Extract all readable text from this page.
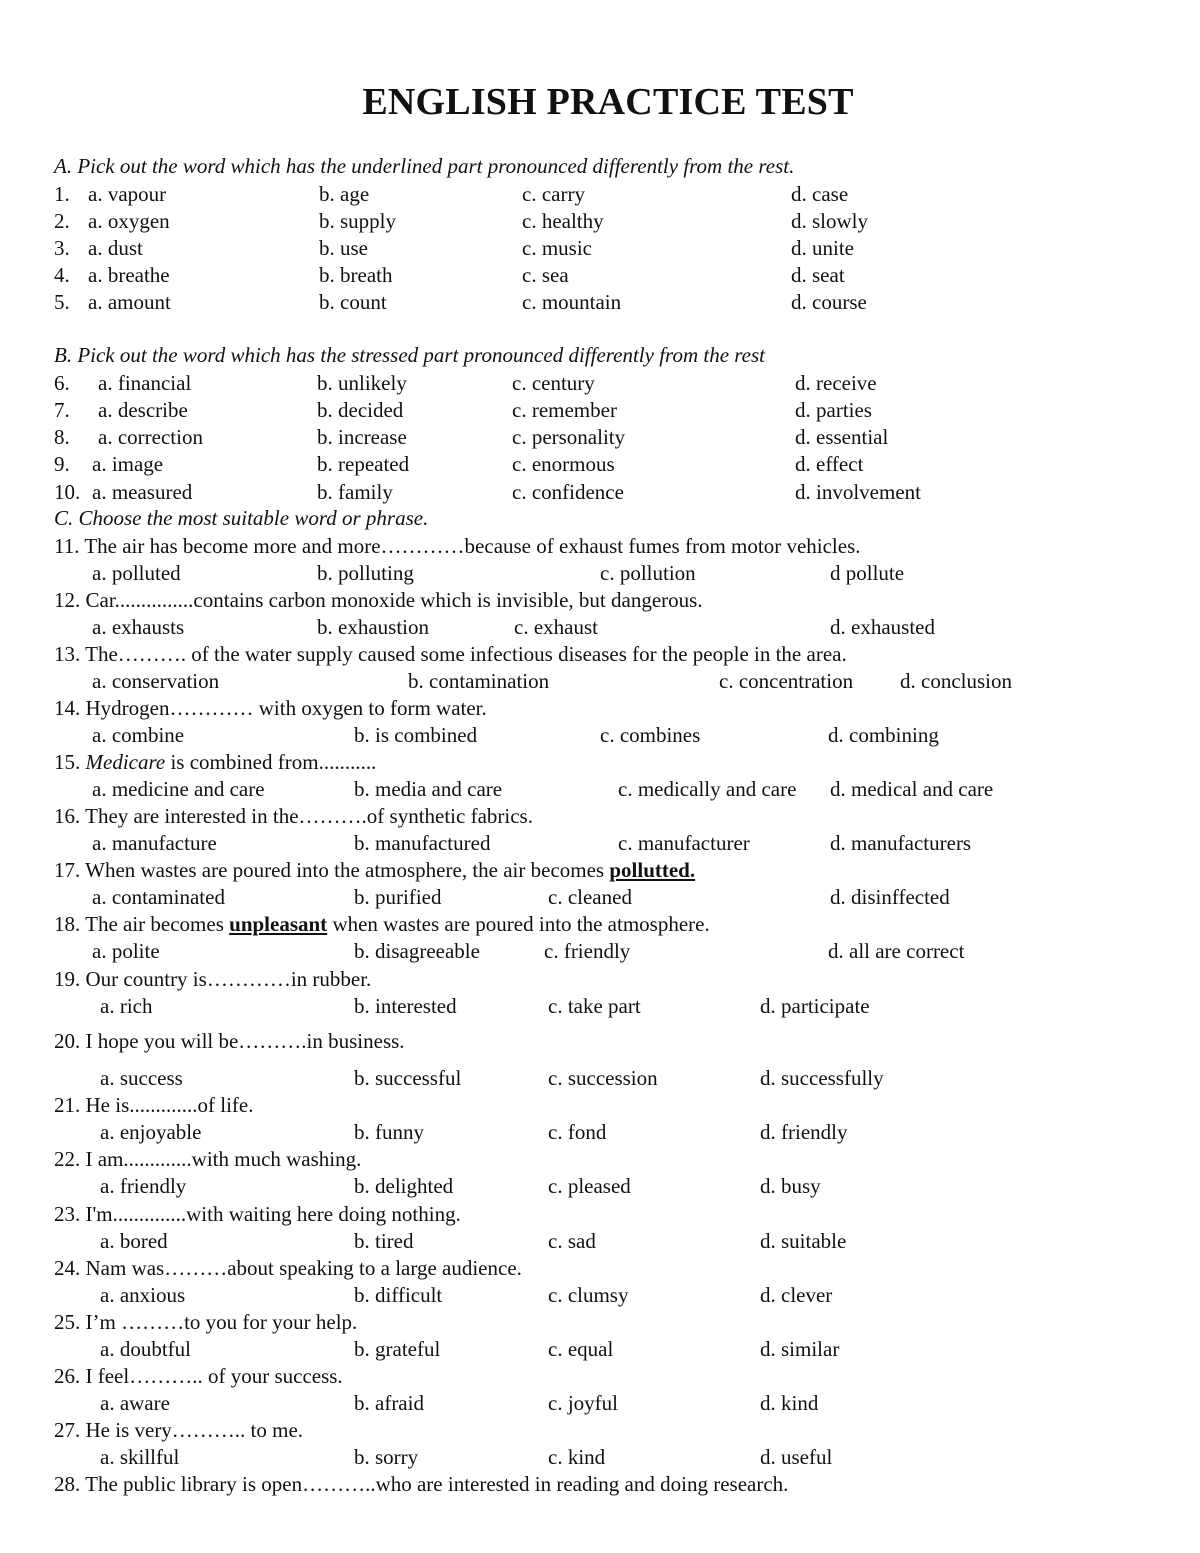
ENGLISH PRACTICE TEST
A. Pick out the word which has the underlined part pronounced differently from the rest.
1. a. vapour	b. age	c. carry	d. case
2. a. oxygen	b. supply	c. healthy	d. slowly
3. a. dust	b. use	c. music	d. unite
4. a. breathe	b. breath	c. sea	d. seat
5. a. amount	b. count	c. mountain	d. course
B. Pick out the word which has the stressed part pronounced differently from the rest
6. a. financial	b. unlikely	c. century	d. receive
7. a. describe	b. decided	c. remember	d. parties
8. a. correction	b. increase	c. personality	d. essential
9. a. image	b. repeated	c. enormous	d. effect
10. a. measured	b. family	c. confidence	d. involvement
C. Choose the most suitable word or phrase.
11. The air has become more and more…………because of exhaust fumes from motor vehicles.
a. polluted	b. polluting	c. pollution	d pollute
12. Car...............contains carbon monoxide which is invisible, but dangerous.
a. exhausts	b. exhaustion	c. exhaust	d. exhausted
13. The………. of the water supply caused some infectious diseases for the people in the area.
a. conservation	b. contamination	c. concentration d. conclusion
14. Hydrogen………… with oxygen to form water.
a. combine	b. is combined	c. combines	d. combining
15. Medicare is combined from...........
a. medicine and care	b. media and care	c. medically and care d. medical and care
16. They are interested in the……….of synthetic fabrics.
a. manufacture	b. manufactured	c. manufacturer	d. manufacturers
17. When wastes are poured into the atmosphere, the air becomes pollutted.
a. contaminated	b. purified	c. cleaned	d. disinffected
18. The air becomes unpleasant when wastes are poured into the atmosphere.
a. polite	b. disagreeable	c. friendly	d. all are correct
19. Our country is…………in rubber.
a. rich	b. interested	c. take part	d. participate
20. I hope you will be……….in business.
a. success	b. successful	c. succession	d. successfully
21. He is.............of life.
a. enjoyable	b. funny	c. fond	d. friendly
22. I am.............with much washing.
a. friendly	b. delighted	c. pleased	d. busy
23. I'm..............with waiting here doing nothing.
a. bored	b. tired	c. sad	d. suitable
24. Nam was………about speaking to a large audience.
a. anxious	b. difficult	c. clumsy	d. clever
25. I’m ………to you for your help.
a. doubtful	b. grateful	c. equal	d. similar
26. I feel……….. of your success.
a. aware	b. afraid	c. joyful	d. kind
27. He is very……….. to me.
a. skillful	b. sorry	c. kind	d. useful
28. The public library is open………..who are interested in reading and doing research.
